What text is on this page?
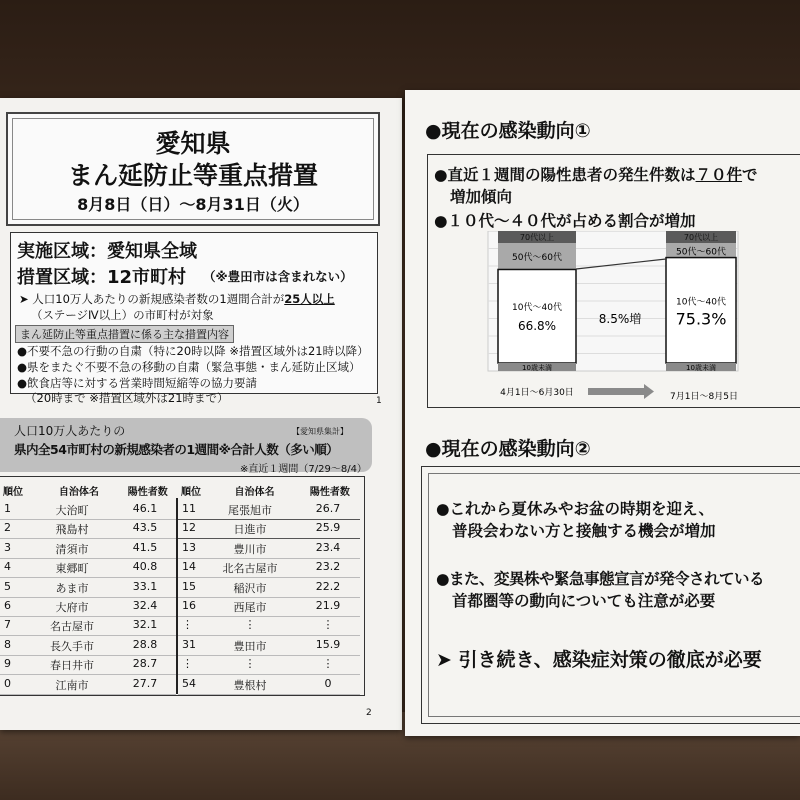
愛知県
まん延防止等重点措置
8月8日（日）～8月31日（火）
実施区域：愛知県全域
措置区域：12市町村 （※豊田市は含まれない）
➤ 人口10万人あたりの新規感染者数の1週間合計が25人以上
（ステージⅣ以上）の市町村が対象
まん延防止等重点措置に係る主な措置内容
●不要不急の行動の自粛（特に20時以降 ※措置区域外は21時以降）
●県をまたぐ不要不急の移動の自粛（緊急事態・まん延防止区域）
●飲食店等に対する営業時間短縮等の協力要請
（20時まで ※措置区域外は21時まで）	1
人口10万人あたりの
県内全54市町村の新規感染者の1週間※合計人数（多い順）
【愛知県集計】
※直近１週間（7/29～8/4）
順位	自治体名	陽性者数 順位	自治体名	陽性者数
1	大治町	46.1
2	飛島村	43.5
3	清須市	41.5
4	東郷町	40.8
5	あま市	33.1
6	大府市	32.4
7	名古屋市	32.1
8	長久手市	28.8
9	春日井市	28.7
0	江南市	27.7
11	尾張旭市	26.7
12	日進市	25.9
13	豊川市	23.4
14	北名古屋市	23.2
15	稲沢市	22.2
16	西尾市	21.9
⋮	⋮	⋮
31	豊田市	15.9
⋮	⋮	⋮
54	豊根村	0
2
●現在の感染動向①
●直近１週間の陽性患者の発生件数は７０件で
増加傾向
●１０代～４０代が占める割合が増加
70代以上
50代～60代
10代～40代
66.8%
10歳未満
70代以上
50代～60代
10代～40代
75.3%
10歳未満
8.5%増
4月1日～6月30日	7月1日～8月5日
●現在の感染動向②
●これから夏休みやお盆の時期を迎え、
普段会わない方と接触する機会が増加
●また、変異株や緊急事態宣言が発令されている
首都圏等の動向についても注意が必要
➤ 引き続き、感染症対策の徹底が必要
